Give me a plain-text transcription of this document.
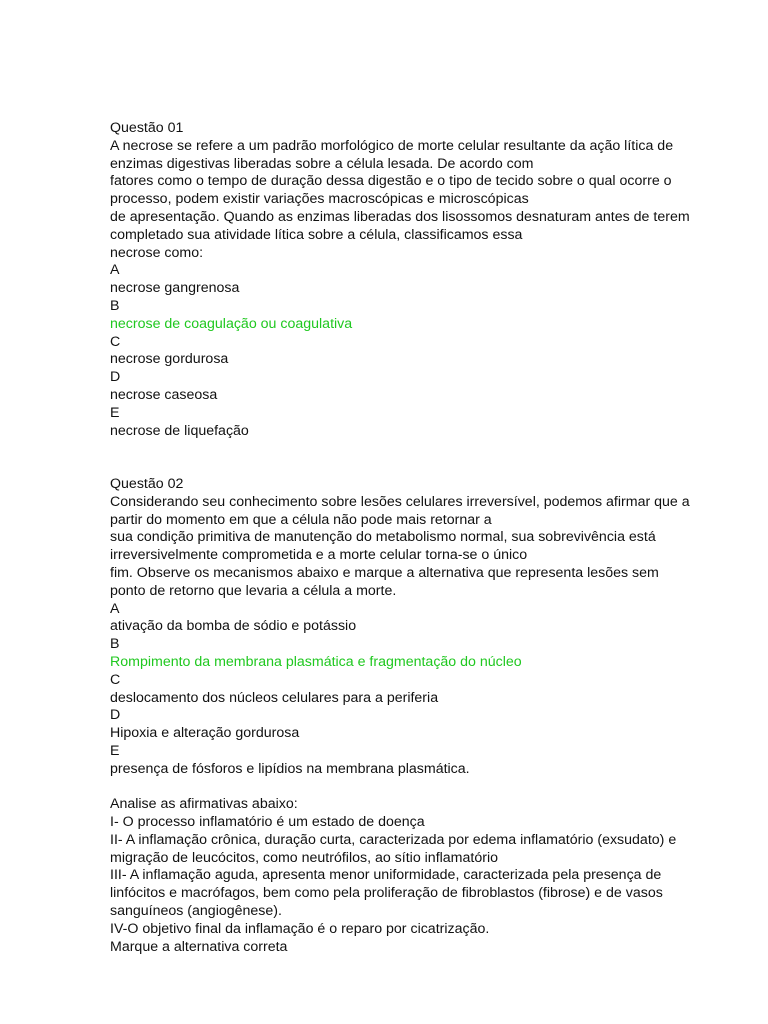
Questão 01
A necrose se refere a um padrão morfológico de morte celular resultante da ação lítica de
enzimas digestivas liberadas sobre a célula lesada. De acordo com
fatores como o tempo de duração dessa digestão e o tipo de tecido sobre o qual ocorre o
processo, podem existir variações macroscópicas e microscópicas
de apresentação. Quando as enzimas liberadas dos lisossomos desnaturam antes de terem
completado sua atividade lítica sobre a célula, classificamos essa
necrose como:
A
necrose gangrenosa
B
necrose de coagulação ou coagulativa
C
necrose gordurosa
D
necrose caseosa
E
necrose de liquefação
Questão 02
Considerando seu conhecimento sobre lesões celulares irreversível, podemos afirmar que a
partir do momento em que a célula não pode mais retornar a
sua condição primitiva de manutenção do metabolismo normal, sua sobrevivência está
irreversivelmente comprometida e a morte celular torna-se o único
fim. Observe os mecanismos abaixo e marque a alternativa que representa lesões sem
ponto de retorno que levaria a célula a morte.
A
ativação da bomba de sódio e potássio
B
Rompimento da membrana plasmática e fragmentação do núcleo
C
deslocamento dos núcleos celulares para a periferia
D
Hipoxia e alteração gordurosa
E
presença de fósforos e lipídios na membrana plasmática.
Analise as afirmativas abaixo:
I- O processo inflamatório é um estado de doença
II- A inflamação crônica, duração curta, caracterizada por edema inflamatório (exsudato) e
migração de leucócitos, como neutrófilos, ao sítio inflamatório
III- A inflamação aguda, apresenta menor uniformidade, caracterizada pela presença de
linfócitos e macrófagos, bem como pela proliferação de fibroblastos (fibrose) e de vasos
sanguíneos (angiogênese).
IV-O objetivo final da inflamação é o reparo por cicatrização.
Marque a alternativa correta
